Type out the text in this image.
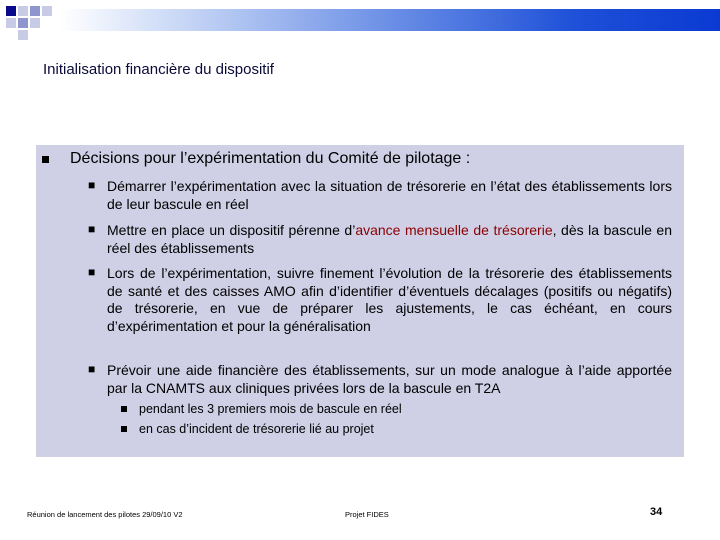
Initialisation financière du dispositif
Décisions pour l’expérimentation du Comité de pilotage :
■ Démarrer l’expérimentation avec la situation de trésorerie en l’état des établissements lors de leur bascule en réel
■ Mettre en place un dispositif pérenne d’avance mensuelle de trésorerie, dès la bascule en réel des établissements
■ Lors de l’expérimentation, suivre finement l’évolution de la trésorerie des établissements de santé et des caisses AMO afin d’identifier d’éventuels décalages (positifs ou négatifs) de trésorerie, en vue de préparer les ajustements, le cas échéant, en cours d’expérimentation et pour la généralisation
■ Prévoir une aide financière des établissements, sur un mode analogue à l’aide apportée par la CNAMTS aux cliniques privées lors de la bascule en T2A
pendant les 3 premiers mois de bascule en réel
en cas d’incident de trésorerie lié au projet
Réunion de lancement des pilotes 29/09/10 V2	Projet FIDES	34
